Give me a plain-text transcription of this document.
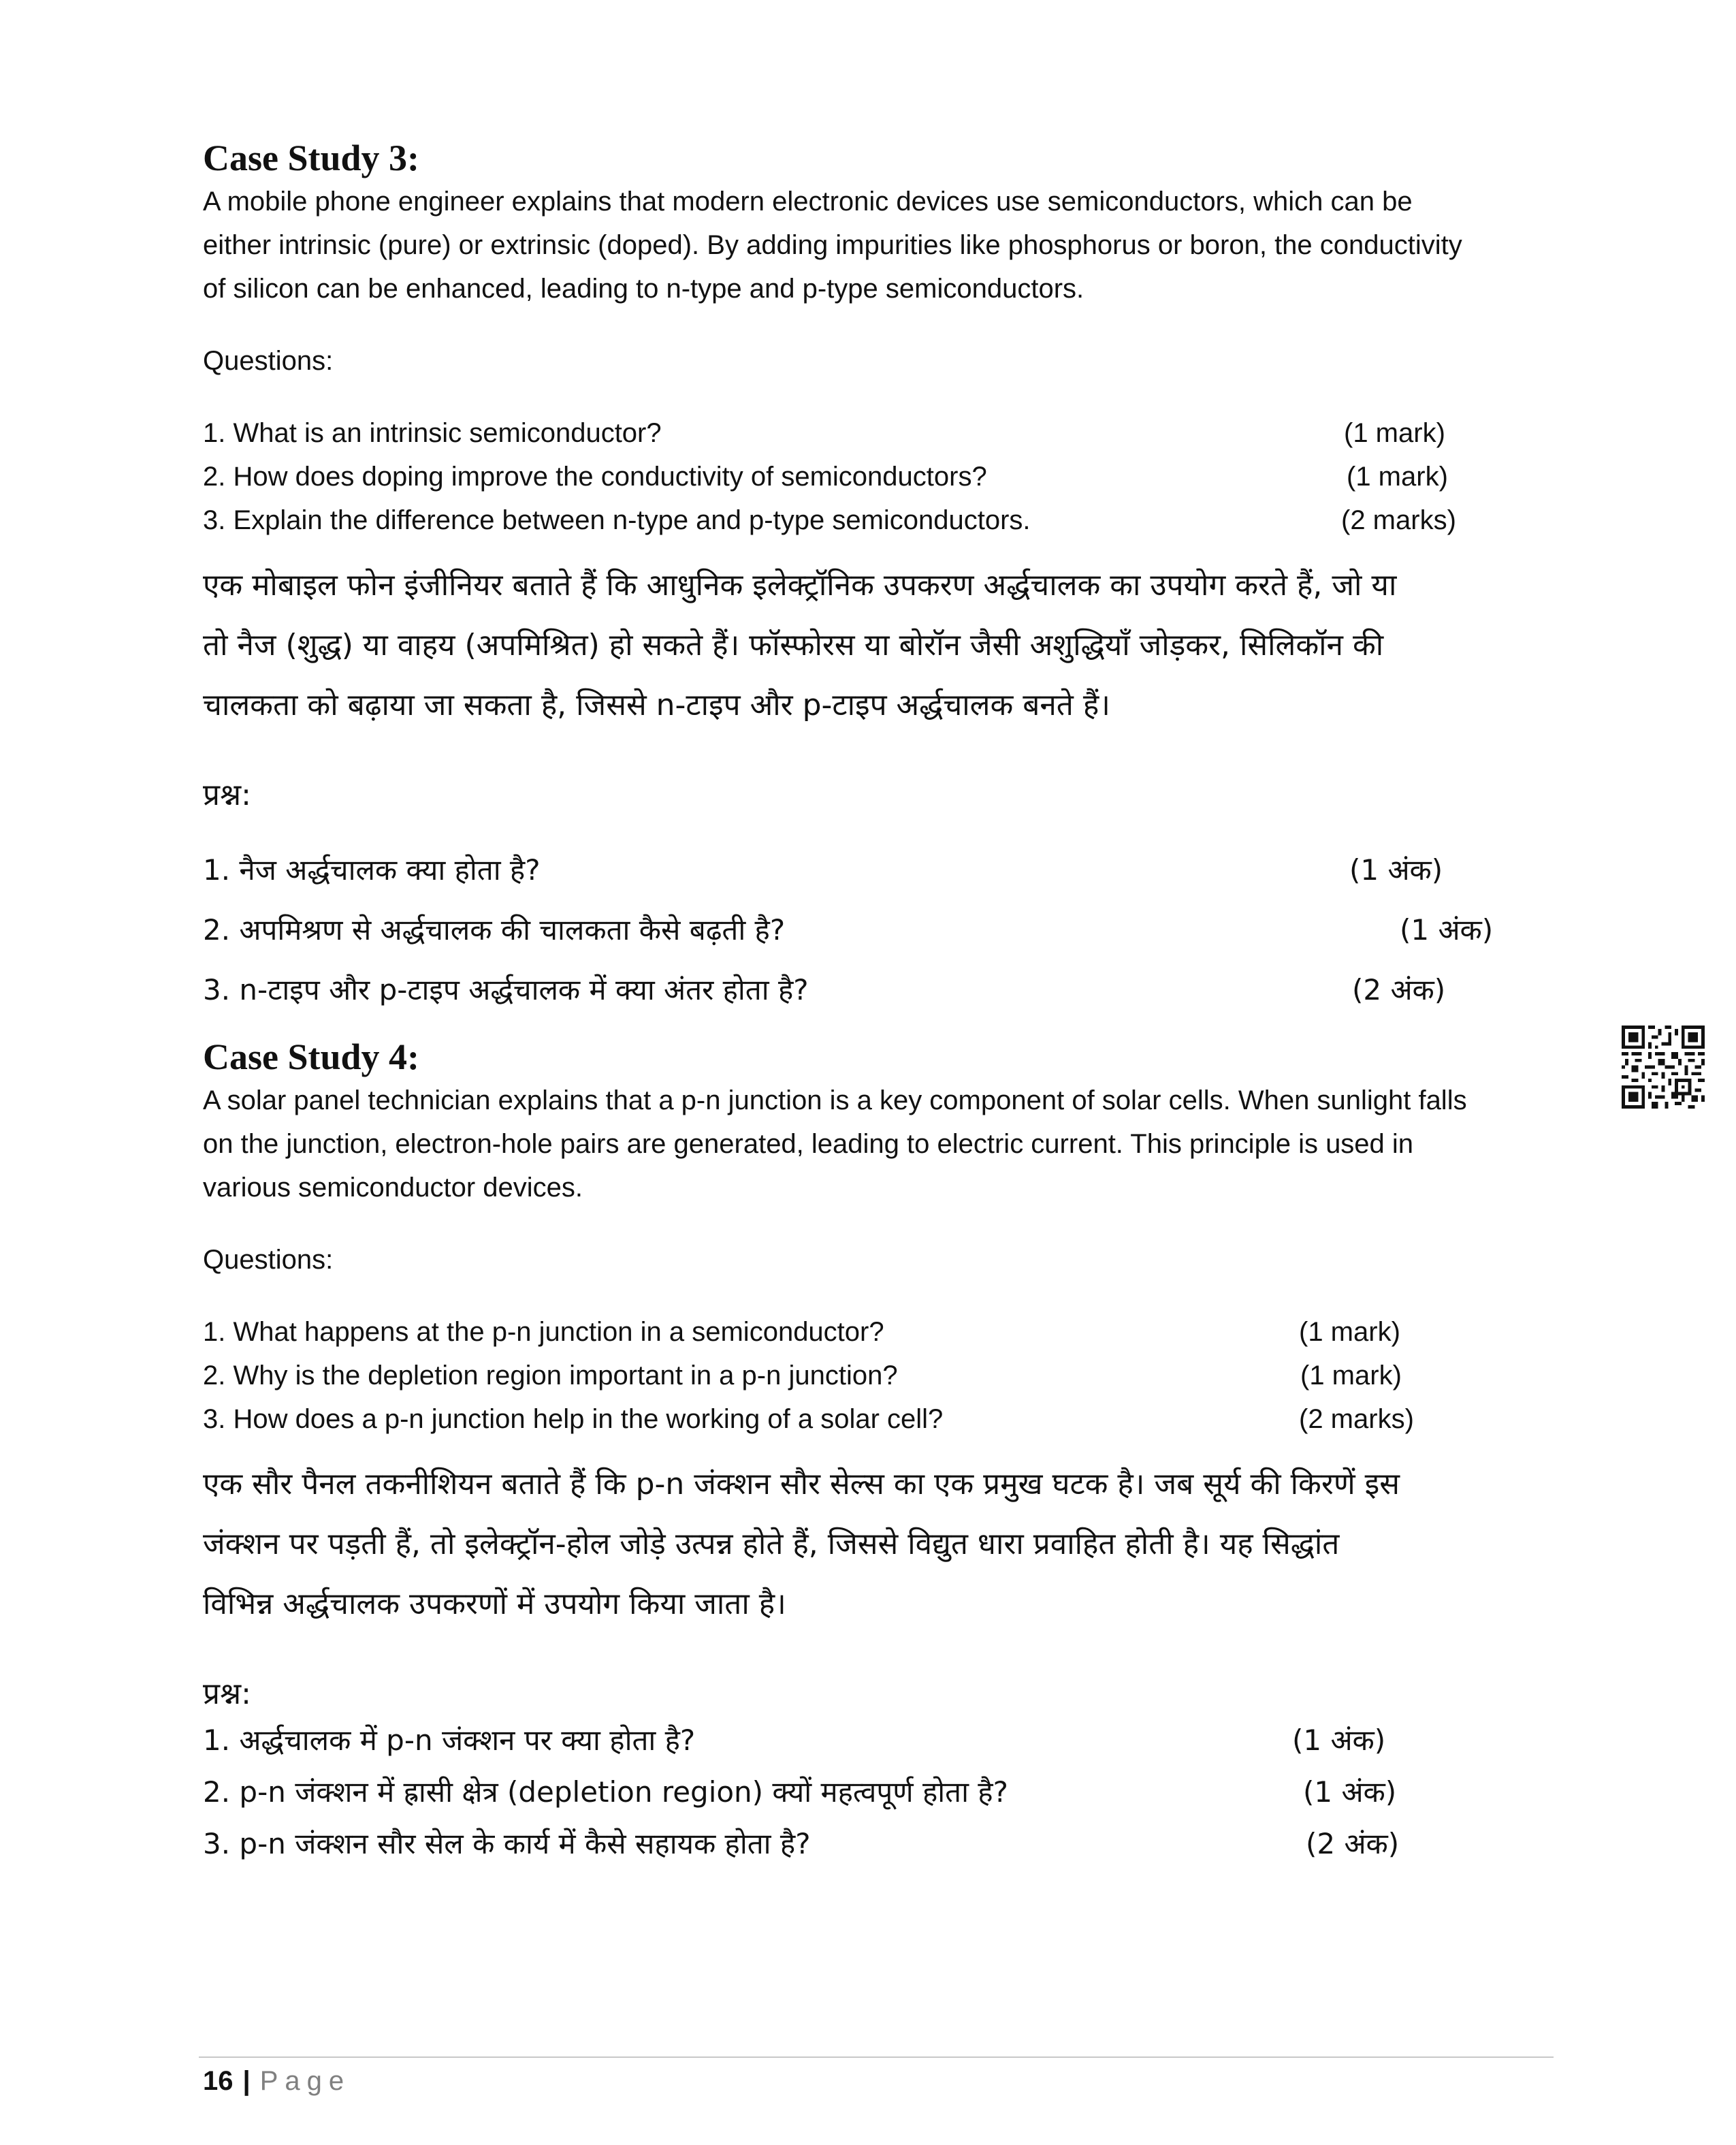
Case Study 3:

A mobile phone engineer explains that modern electronic devices use semiconductors, which can be
either intrinsic (pure) or extrinsic (doped). By adding impurities like phosphorus or boron, the conductivity
of silicon can be enhanced, leading to n-type and p-type semiconductors.

Questions:

1. What is an intrinsic semiconductor?	(1 mark)
2. How does doping improve the conductivity of semiconductors?	(1 mark)
3. Explain the difference between n-type and p-type semiconductors.	(2 marks)

एक मोबाइल फोन इंजीनियर बताते हैं कि आधुनिक इलेक्ट्रॉनिक उपकरण अर्द्धचालक का उपयोग करते हैं, जो या
तो नैज (शुद्ध) या वाहय (अपमिश्रित) हो सकते हैं। फॉस्फोरस या बोरॉन जैसी अशुद्धियाँ जोड़कर, सिलिकॉन की
चालकता को बढ़ाया जा सकता है, जिससे n-टाइप और p-टाइप अर्द्धचालक बनते हैं।

प्रश्न:

1. नैज अर्द्धचालक क्या होता है?	(1 अंक)
2. अपमिश्रण से अर्द्धचालक की चालकता कैसे बढ़ती है?	(1 अंक)
3. n-टाइप और p-टाइप अर्द्धचालक में क्या अंतर होता है?	(2 अंक)
Case Study 4:

A solar panel technician explains that a p-n junction is a key component of solar cells. When sunlight falls
on the junction, electron-hole pairs are generated, leading to electric current. This principle is used in
various semiconductor devices.

Questions:

1. What happens at the p-n junction in a semiconductor?	(1 mark)
2. Why is the depletion region important in a p-n junction?	(1 mark)
3. How does a p-n junction help in the working of a solar cell?	(2 marks)

एक सौर पैनल तकनीशियन बताते हैं कि p-n जंक्शन सौर सेल्स का एक प्रमुख घटक है। जब सूर्य की किरणें इस
जंक्शन पर पड़ती हैं, तो इलेक्ट्रॉन-होल जोड़े उत्पन्न होते हैं, जिससे विद्युत धारा प्रवाहित होती है। यह सिद्धांत
विभिन्न अर्द्धचालक उपकरणों में उपयोग किया जाता है।

प्रश्न:

1. अर्द्धचालक में p-n जंक्शन पर क्या होता है?	(1 अंक)
2. p-n जंक्शन में ह्रासी क्षेत्र (depletion region) क्यों महत्वपूर्ण होता है?	(1 अंक)
3. p-n जंक्शन सौर सेल के कार्य में कैसे सहायक होता है?	(2 अंक)
16 | Page
